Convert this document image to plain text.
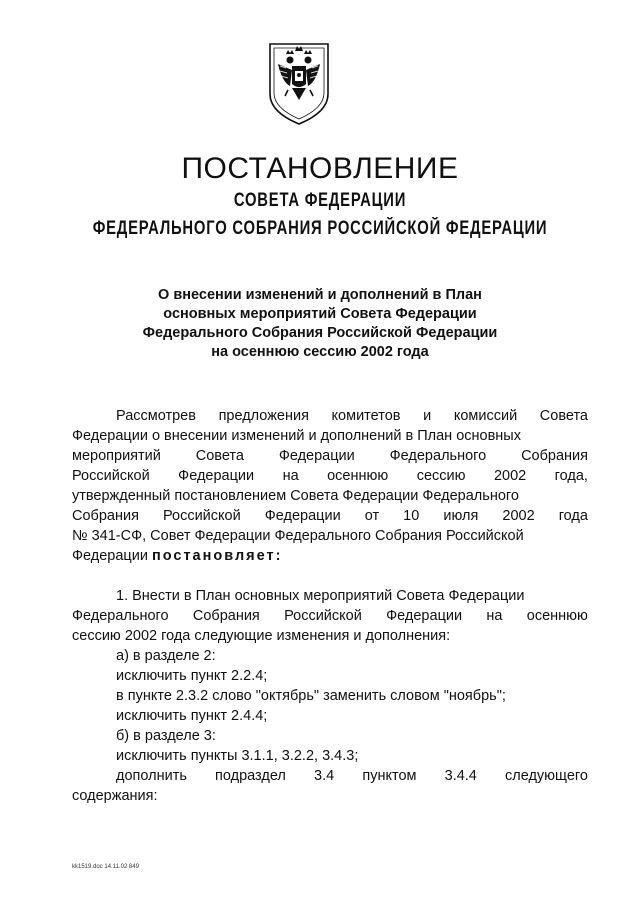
ПОСТАНОВЛЕНИЕ
СОВЕТА ФЕДЕРАЦИИ
ФЕДЕРАЛЬНОГО СОБРАНИЯ РОССИЙСКОЙ ФЕДЕРАЦИИ
О внесении изменений и дополнений в План
основных мероприятий Совета Федерации
Федерального Собрания Российской Федерации
на осеннюю сессию 2002 года
Рассмотрев предложения комитетов и комиссий Совета
Федерации о внесении изменений и дополнений в План основных
мероприятий Совета Федерации Федерального Собрания
Российской Федерации на осеннюю сессию 2002 года,
утвержденный постановлением Совета Федерации Федерального
Собрания Российской Федерации от 10 июля 2002 года
№ 341-СФ, Совет Федерации Федерального Собрания Российской
Федерации постановляет:
1. Внести в План основных мероприятий Совета Федерации
Федерального Собрания Российской Федерации на осеннюю
сессию 2002 года следующие изменения и дополнения:
а) в разделе 2:
исключить пункт 2.2.4;
в пункте 2.3.2 слово "октябрь" заменить словом "ноябрь";
исключить пункт 2.4.4;
б) в разделе 3:
исключить пункты 3.1.1, 3.2.2, 3.4.3;
дополнить подраздел 3.4 пунктом 3.4.4 следующего
содержания:
kk1519.doc 14.11.02 849
